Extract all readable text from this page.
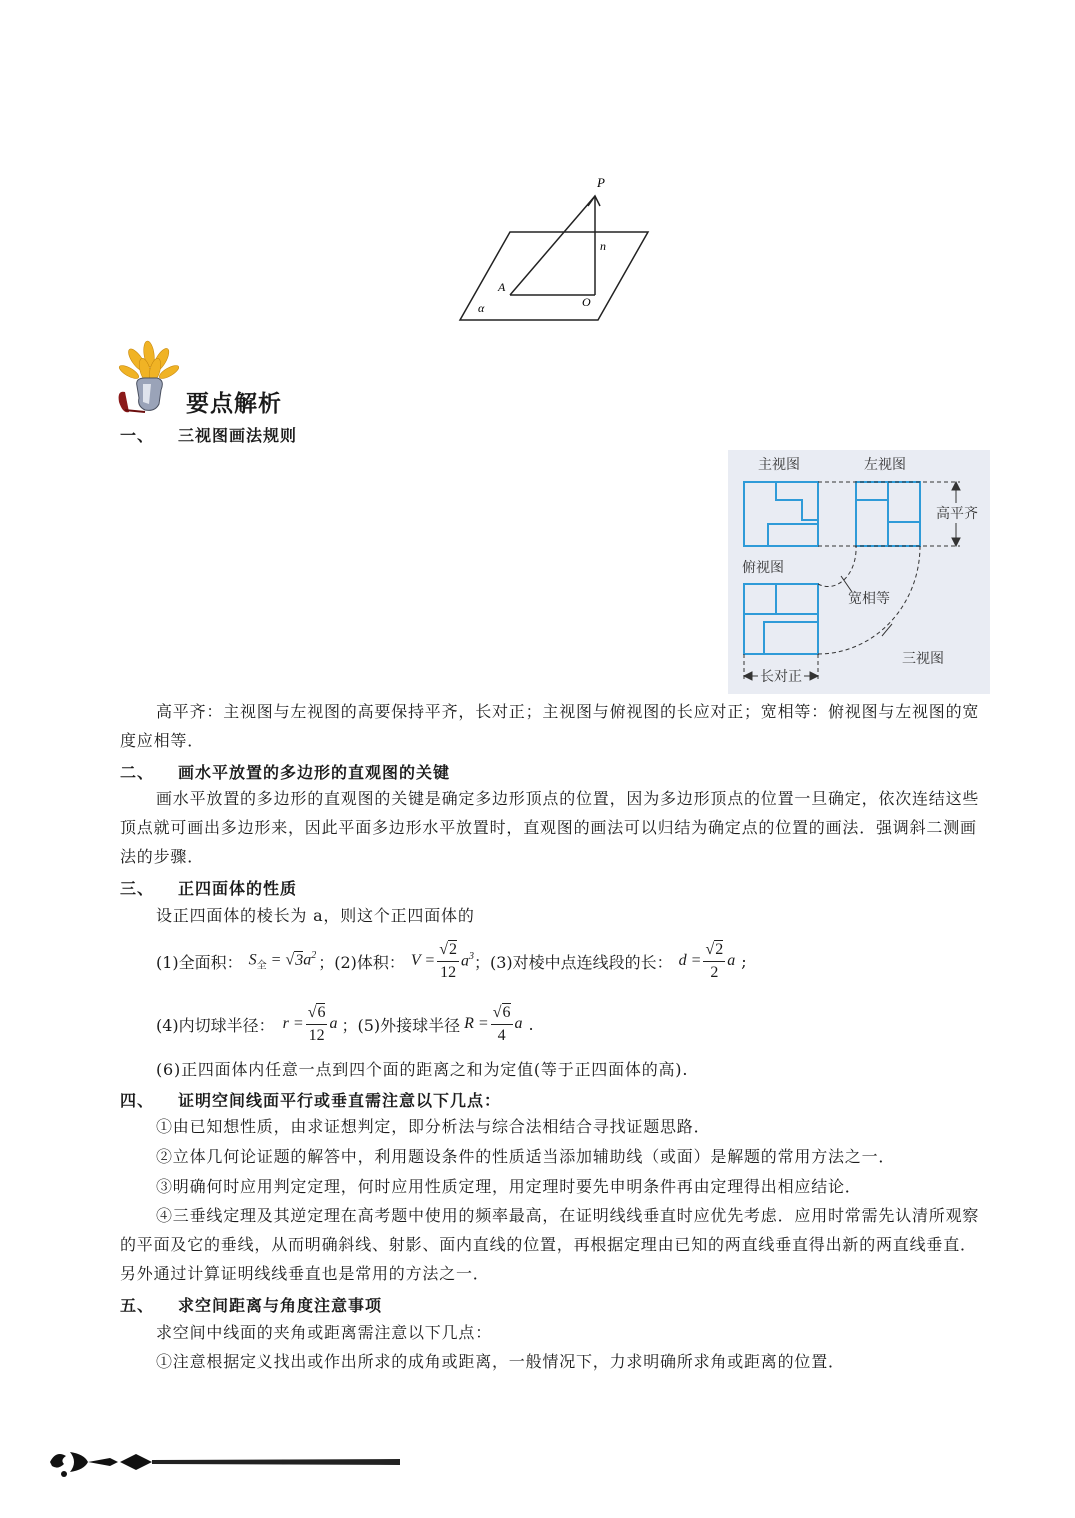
P
n
A
O
α
要点解析
一、 三视图画法规则
主视图	左视图
高平齐
俯视图
宽相等
三视图
长对正
高平齐：主视图与左视图的高要保持平齐，长对正；主视图与俯视图的长应对正；宽相等：俯视图与左视图的宽度应相等．
二、 画水平放置的多边形的直观图的关键
画水平放置的多边形的直观图的关键是确定多边形顶点的位置，因为多边形顶点的位置一旦确定，依次连结这些顶点就可画出多边形来，因此平面多边形水平放置时，直观图的画法可以归结为确定点的位置的画法．强调斜二测画法的步骤．
三、 正四面体的性质
设正四面体的棱长为 a，则这个正四面体的
(1)全面积： $S_全 = √3a^2$ ；(2)体积： $V = \frac{√2}{12} a^3$ ；(3)对棱中点连线段的长： $d = \frac{√2}{2}$ a ;
(4)内切球半径： $r = \frac{√6}{12}$ a ；(5)外接球半径 $R = \frac{√6}{4}$ a .
(6)正四面体内任意一点到四个面的距离之和为定值(等于正四面体的高).
四、 证明空间线面平行或垂直需注意以下几点：
①由已知想性质，由求证想判定，即分析法与综合法相结合寻找证题思路．
②立体几何论证题的解答中，利用题设条件的性质适当添加辅助线（或面）是解题的常用方法之一．
③明确何时应用判定定理，何时应用性质定理，用定理时要先申明条件再由定理得出相应结论．
④三垂线定理及其逆定理在高考题中使用的频率最高，在证明线线垂直时应优先考虑．应用时常需先认清所观察的平面及它的垂线，从而明确斜线、射影、面内直线的位置，再根据定理由已知的两直线垂直得出新的两直线垂直．另外通过计算证明线线垂直也是常用的方法之一．
五、 求空间距离与角度注意事项
求空间中线面的夹角或距离需注意以下几点：
①注意根据定义找出或作出所求的成角或距离，一般情况下，力求明确所求角或距离的位置．
